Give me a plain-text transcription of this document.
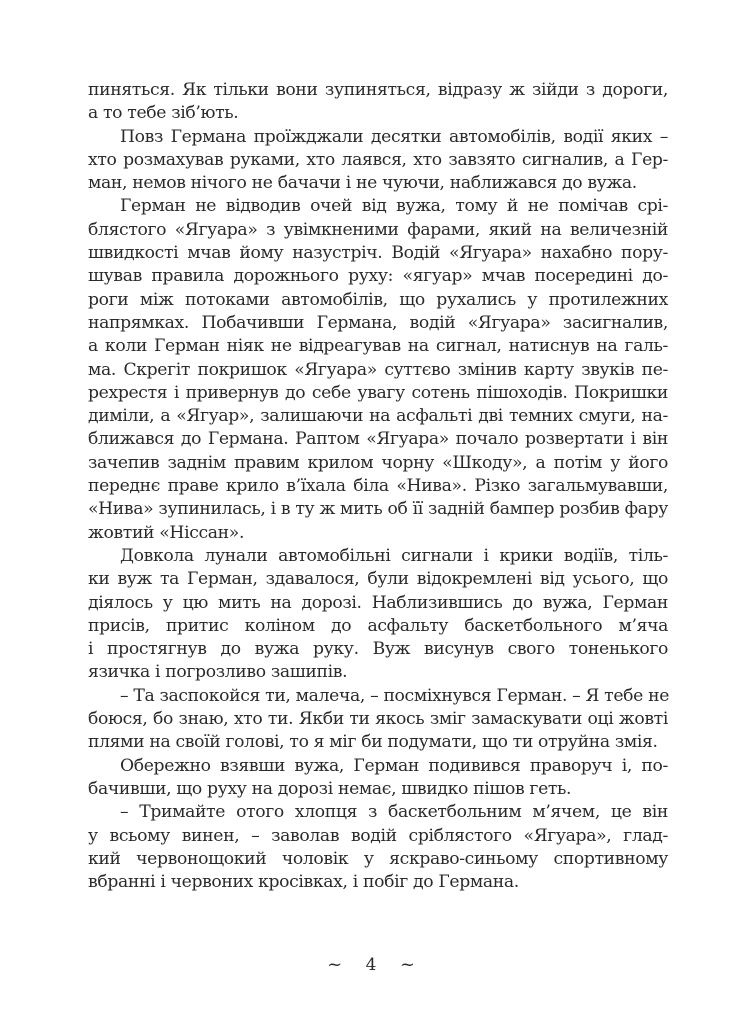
пиняться. Як тільки вони зупиняться, відразу ж зійди з дороги,
а то тебе зіб’ють.
Повз Германа проїжджали десятки автомобілів, водії яких –
хто розмахував руками, хто лаявся, хто завзято сигналив, а Гер-
ман, немов нічого не бачачи і не чуючи, наближався до вужа.
Герман не відводив очей від вужа, тому й не помічав срі-
блястого «Ягуара» з увімкненими фарами, який на величезній
швидкості мчав йому назустріч. Водій «Ягуара» нахабно пору-
шував правила дорожнього руху: «ягуар» мчав посередині до-
роги між потоками автомобілів, що рухались у протилежних
напрямках. Побачивши Германа, водій «Ягуара» засигналив,
а коли Герман ніяк не відреагував на сигнал, натиснув на галь-
ма. Скрегіт покришок «Ягуара» суттєво змінив карту звуків пе-
рехрестя і привернув до себе увагу сотень пішоходів. Покришки
диміли, а «Ягуар», залишаючи на асфальті дві темних смуги, на-
ближався до Германа. Раптом «Ягуара» почало розвертати і він
зачепив заднім правим крилом чорну «Шкоду», а потім у його
переднє праве крило в’їхала біла «Нива». Різко загальмувавши,
«Нива» зупинилась, і в ту ж мить об її задній бампер розбив фару
жовтий «Ніссан».
Довкола лунали автомобільні сигнали і крики водіїв, тіль-
ки вуж та Герман, здавалося, були відокремлені від усього, що
діялось у цю мить на дорозі. Наблизившись до вужа, Герман
присів, притис коліном до асфальту баскетбольного м’яча
і простягнув до вужа руку. Вуж висунув свого тоненького
язичка і погрозливо зашипів.
– Та заспокойся ти, малеча, – посміхнувся Герман. – Я тебе не
боюся, бо знаю, хто ти. Якби ти якось зміг замаскувати оці жовті
плями на своїй голові, то я міг би подумати, що ти отруйна змія.
Обережно взявши вужа, Герман подивився праворуч і, по-
бачивши, що руху на дорозі немає, швидко пішов геть.
– Тримайте отого хлопця з баскетбольним м’ячем, це він
у всьому винен, – заволав водій сріблястого «Ягуара», глад-
кий червонощокий чоловік у яскраво-синьому спортивному
вбранні і червоних кросівках, і побіг до Германа.
~ 4 ~
